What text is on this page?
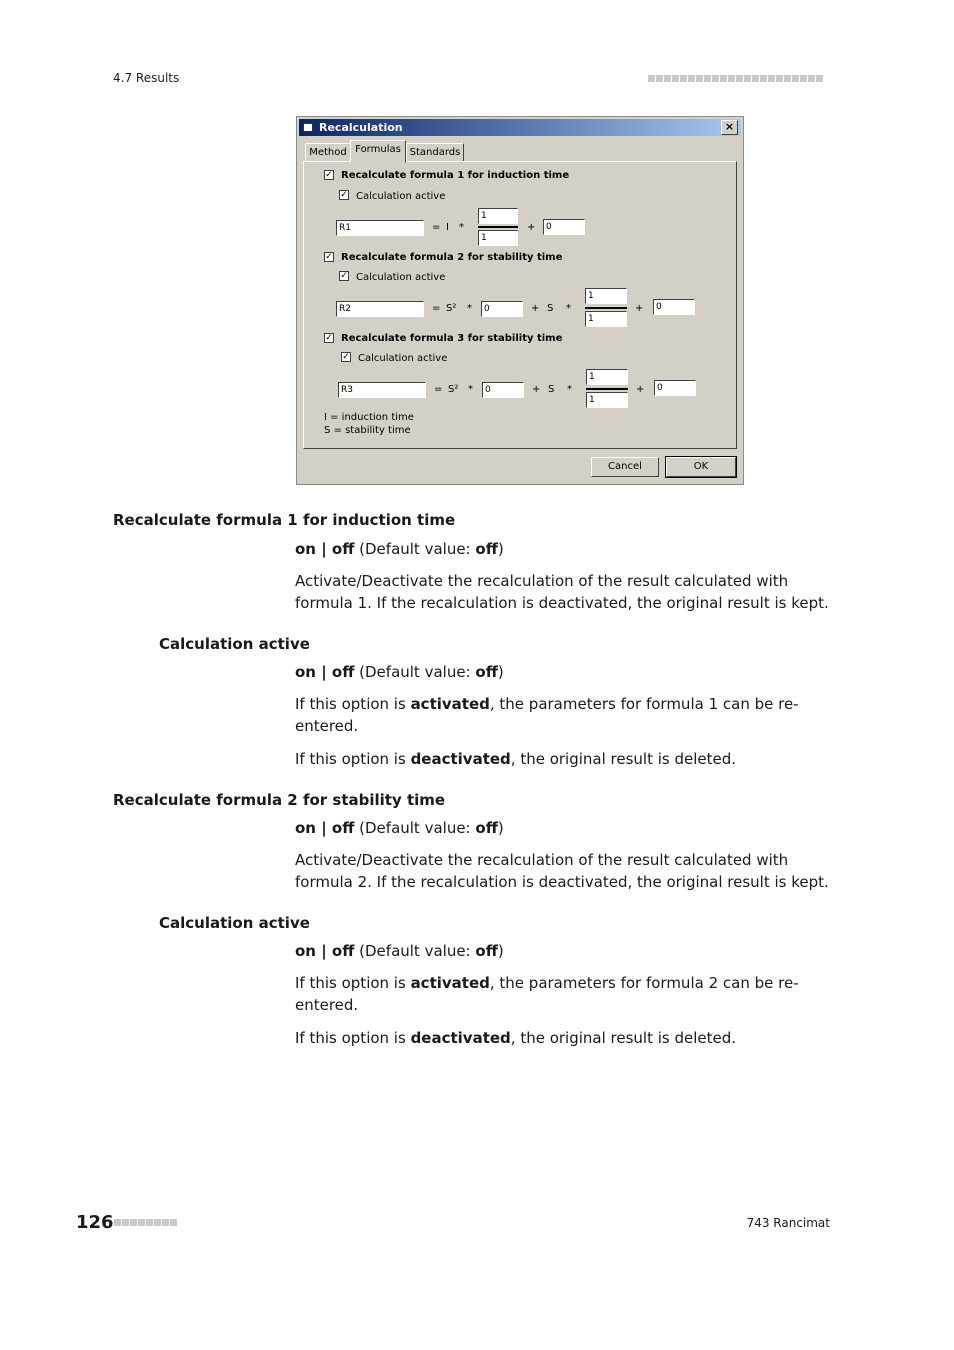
4.7 Results
Recalculation	×
Method Formulas Standards
✓ Recalculate formula 1 for induction time
✓ Calculation active
R1	= I *
1
1
+	0
✓ Recalculate formula 2 for stability time
✓ Calculation active
R2	= S² *	0	+ S *
1
1
+	0
✓ Recalculate formula 3 for stability time
✓ Calculation active
R3	= S² *	0	+ S *
1
1
+	0
I = induction time
S = stability time
Cancel	OK
Recalculate formula 1 for induction time
on | off (Default value: off)
Activate/Deactivate the recalculation of the result calculated with formula 1. If the recalculation is deactivated, the original result is kept.
Calculation active
on | off (Default value: off)
If this option is activated, the parameters for formula 1 can be re-entered.
If this option is deactivated, the original result is deleted.
Recalculate formula 2 for stability time
on | off (Default value: off)
Activate/Deactivate the recalculation of the result calculated with formula 2. If the recalculation is deactivated, the original result is kept.
Calculation active
on | off (Default value: off)
If this option is activated, the parameters for formula 2 can be re-entered.
If this option is deactivated, the original result is deleted.
126	743 Rancimat
